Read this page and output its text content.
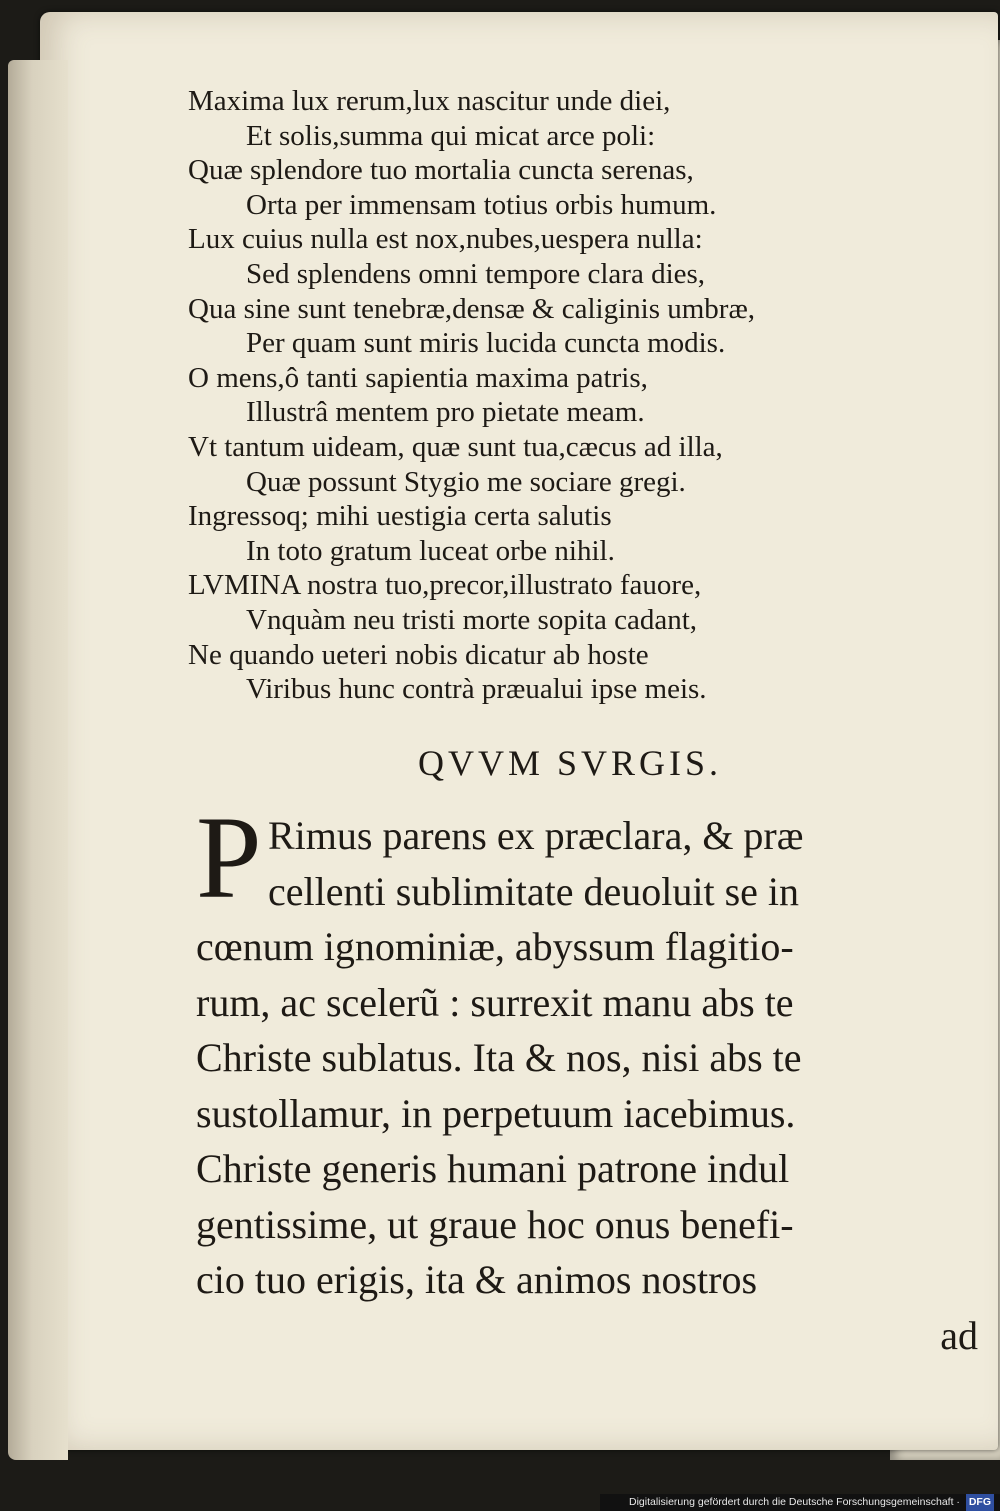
Maxima lux rerum,lux nascitur unde diei,
Et solis,summa qui micat arce poli:
Quæ splendore tuo mortalia cuncta serenas,
Orta per immensam totius orbis humum.
Lux cuius nulla est nox,nubes,uespera nulla:
Sed splendens omni tempore clara dies,
Qua sine sunt tenebræ,densæ & caliginis umbræ,
Per quam sunt miris lucida cuncta modis.
O mens,ô tanti sapientia maxima patris,
Illustrâ mentem pro pietate meam.
Vt tantum uideam, quæ sunt tua,cæcus ad illa,
Quæ possunt Stygio me sociare gregi.
Ingressoq; mihi uestigia certa salutis
In toto gratum luceat orbe nihil.
LVMINA nostra tuo,precor,illustrato fauore,
Vnquàm neu tristi morte sopita cadant,
Ne quando ueteri nobis dicatur ab hoste
Viribus hunc contrà præualui ipse meis.
QVVM SVRGIS.
P Rimus parens ex præclara, & præ
cellenti sublimitate deuoluit se in
cœnum ignominiæ, abyssum flagitio-
rum, ac scelerũ : surrexit manu abs te
Christe sublatus. Ita & nos, nisi abs te
sustollamur, in perpetuum iacebimus.
Christe generis humani patrone indul
gentissime, ut graue hoc onus benefi-
cio tuo erigis, ita & animos nostros
ad
Digitalisierung gefördert durch die Deutsche Forschungsgemeinschaft · DFG
